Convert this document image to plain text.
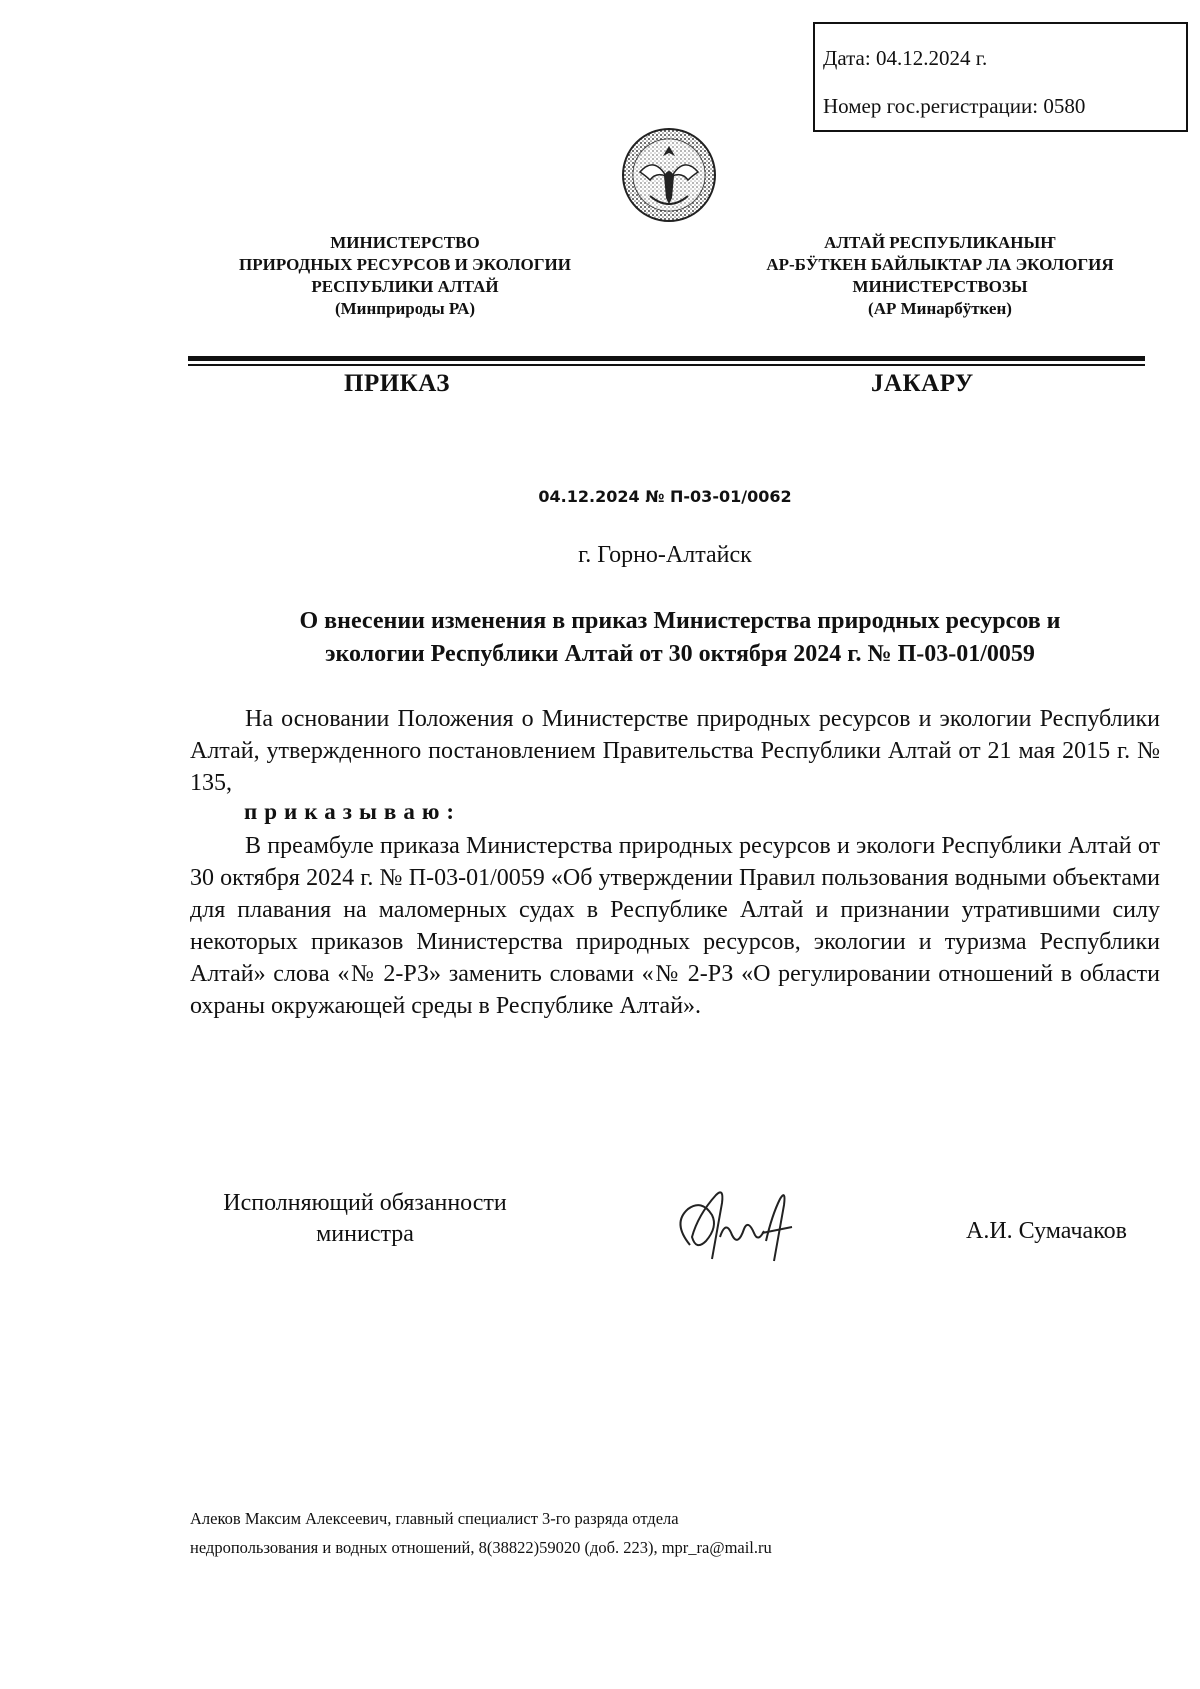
Дата: 04.12.2024 г.
Номер гос.регистрации: 0580
МИНИСТЕРСТВО
ПРИРОДНЫХ РЕСУРСОВ И ЭКОЛОГИИ
РЕСПУБЛИКИ АЛТАЙ
(Минприроды РА)
АЛТАЙ РЕСПУБЛИКАНЫҤ
АР-БӰТКЕН БАЙЛЫКТАР ЛА ЭКОЛОГИЯ
МИНИСТЕРСТВОЗЫ
(АР Минарбӱткен)
ПРИКАЗ	ЈАКАРУ
04.12.2024 № П-03-01/0062
г. Горно-Алтайск
О внесении изменения в приказ Министерства природных ресурсов и
экологии Республики Алтай от 30 октября 2024 г. № П-03-01/0059
На основании Положения о Министерстве природных ресурсов и экологии Республики Алтай, утвержденного постановлением Правительства Республики Алтай от 21 мая 2015 г. № 135,
приказываю:
В преамбуле приказа Министерства природных ресурсов и экологи Республики Алтай от 30 октября 2024 г. № П-03-01/0059 «Об утверждении Правил пользования водными объектами для плавания на маломерных судах в Республике Алтай и признании утратившими силу некоторых приказов Министерства природных ресурсов, экологии и туризма Республики Алтай» слова «№ 2-РЗ» заменить словами «№ 2-РЗ «О регулировании отношений в области охраны окружающей среды в Республике Алтай».
Исполняющий обязанности
министра	А.И. Сумачаков
Алеков Максим Алексеевич, главный специалист 3-го разряда отдела
недропользования и водных отношений, 8(38822)59020 (доб. 223), mpr_ra@mail.ru
